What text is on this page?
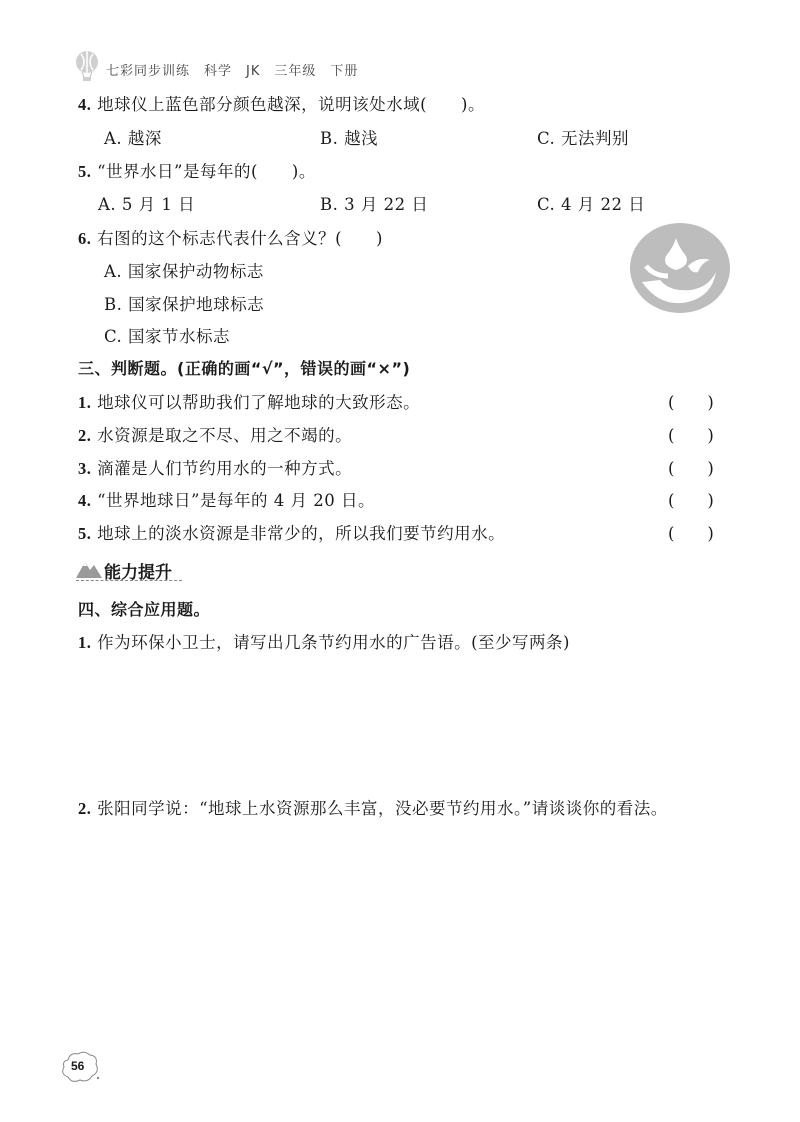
七彩同步训练　科学　JK　三年级　下册
4. 地球仪上蓝色部分颜色越深，说明该处水域(　　)。
A. 越深	B. 越浅	C. 无法判别
5. “世界水日”是每年的(　　)。
A. 5 月 1 日	B. 3 月 22 日	C. 4 月 22 日
6. 右图的这个标志代表什么含义？(　　)
A. 国家保护动物标志
B. 国家保护地球标志
C. 国家节水标志
三、判断题。(正确的画“√”，错误的画“×”)
1. 地球仪可以帮助我们了解地球的大致形态。	(　　)
2. 水资源是取之不尽、用之不竭的。	(　　)
3. 滴灌是人们节约用水的一种方式。	(　　)
4. “世界地球日”是每年的 4 月 20 日。	(　　)
5. 地球上的淡水资源是非常少的，所以我们要节约用水。	(　　)
能力提升
四、综合应用题。
1. 作为环保小卫士，请写出几条节约用水的广告语。(至少写两条)
2. 张阳同学说：“地球上水资源那么丰富，没必要节约用水。”请谈谈你的看法。
56
